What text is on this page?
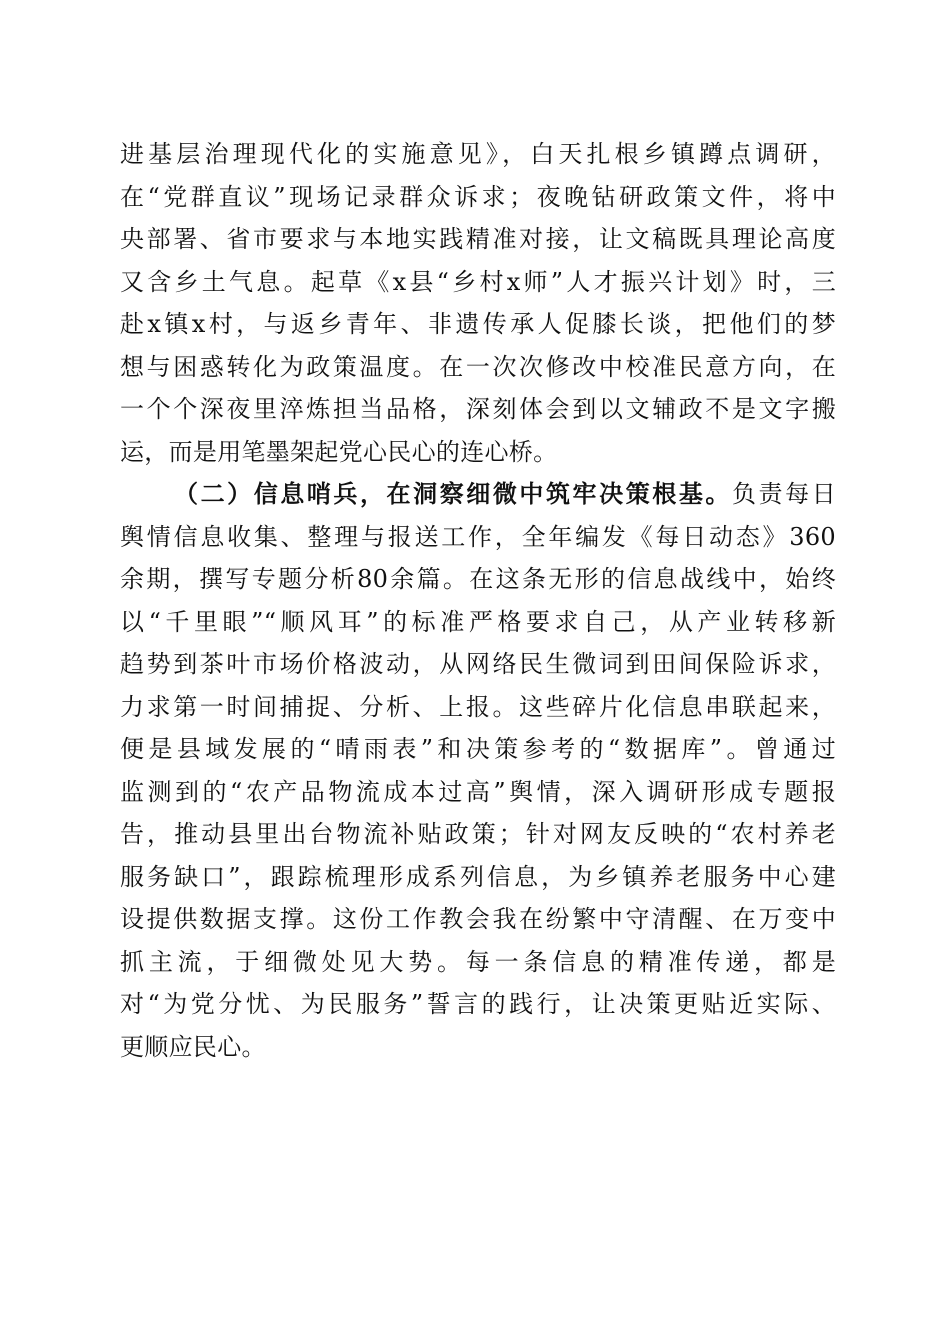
进基层治理现代化的实施意见》，白天扎根乡镇蹲点调研，
在“党群直议”现场记录群众诉求；夜晚钻研政策文件，将中
央部署、省市要求与本地实践精准对接，让文稿既具理论高度
又含乡土气息。起草《x县“乡村x师”人才振兴计划》时，三
赴x镇x村，与返乡青年、非遗传承人促膝长谈，把他们的梦
想与困惑转化为政策温度。在一次次修改中校准民意方向，在
一个个深夜里淬炼担当品格，深刻体会到以文辅政不是文字搬
运，而是用笔墨架起党心民心的连心桥。
（二）信息哨兵，在洞察细微中筑牢决策根基。负责每日
舆情信息收集、整理与报送工作，全年编发《每日动态》360
余期，撰写专题分析80余篇。在这条无形的信息战线中，始终
以“千里眼”“顺风耳”的标准严格要求自己，从产业转移新
趋势到茶叶市场价格波动，从网络民生微词到田间保险诉求，
力求第一时间捕捉、分析、上报。这些碎片化信息串联起来，
便是县域发展的“晴雨表”和决策参考的“数据库”。曾通过
监测到的“农产品物流成本过高”舆情，深入调研形成专题报
告，推动县里出台物流补贴政策；针对网友反映的“农村养老
服务缺口”，跟踪梳理形成系列信息，为乡镇养老服务中心建
设提供数据支撑。这份工作教会我在纷繁中守清醒、在万变中
抓主流，于细微处见大势。每一条信息的精准传递，都是
对“为党分忧、为民服务”誓言的践行，让决策更贴近实际、
更顺应民心。
